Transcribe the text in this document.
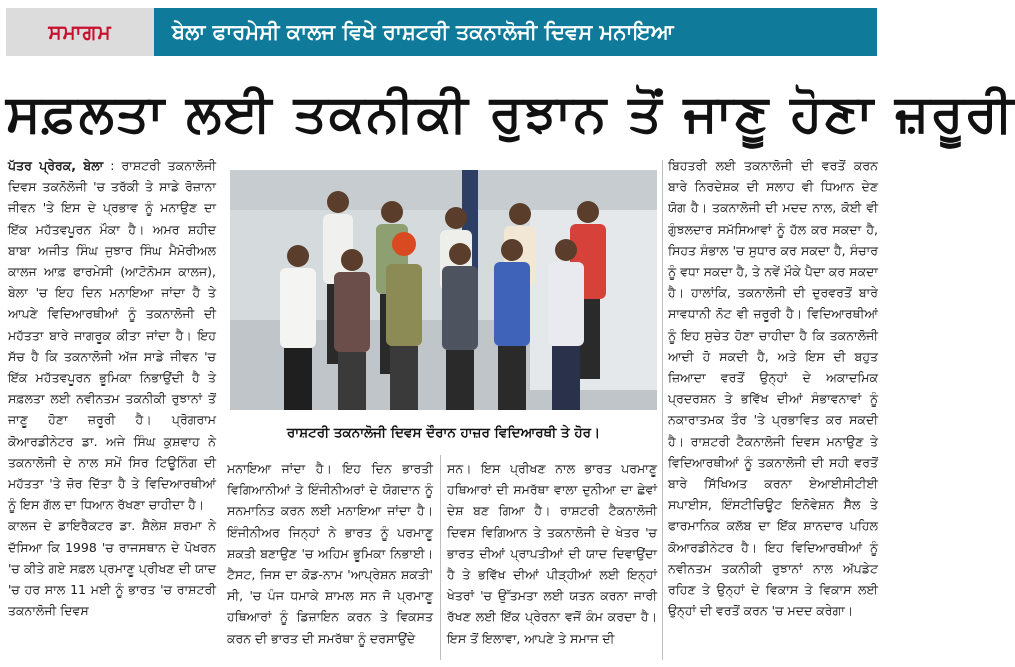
ਸਮਾਗਮ	ਬੇਲਾ ਫਾਰਮੇਸੀ ਕਾਲਜ ਵਿਖੇ ਰਾਸ਼ਟਰੀ ਤਕਨਾਲੋਜੀ ਦਿਵਸ ਮਨਾਇਆ
ਸਫ਼ਲਤਾ ਲਈ ਤਕਨੀਕੀ ਰੁਝਾਨ ਤੋਂ ਜਾਣੂ ਹੋਣਾ ਜ਼ਰੂਰੀ

ਪੱਤਰ ਪ੍ਰੇਰਕ, ਬੇਲਾ : ਰਾਸ਼ਟਰੀ ਤਕਨਾਲੋਜੀ ਦਿਵਸ ਤਕਨੋਲੋਜੀ 'ਚ ਤਰੱਕੀ ਤੇ ਸਾਡੇ ਰੋਜ਼ਾਨਾ ਜੀਵਨ 'ਤੇ ਇਸ ਦੇ ਪ੍ਰਭਾਵ ਨੂੰ ਮਨਾਉਣ ਦਾ ਇੱਕ ਮਹੱਤਵਪੂਰਨ ਮੌਕਾ ਹੈ। ਅਮਰ ਸ਼ਹੀਦ ਬਾਬਾ ਅਜੀਤ ਸਿੰਘ ਜੁਝਾਰ ਸਿੰਘ ਮੈਮੋਰੀਅਲ ਕਾਲਜ ਆਫ਼ ਫਾਰਮੇਸੀ (ਆਟੋਨੋਮਸ ਕਾਲਜ), ਬੇਲਾ 'ਚ ਇਹ ਦਿਨ ਮਨਾਇਆ ਜਾਂਦਾ ਹੈ ਤੇ ਆਪਣੇ ਵਿਦਿਆਰਥੀਆਂ ਨੂੰ ਤਕਨਾਲੋਜੀ ਦੀ ਮਹੱਤਤਾ ਬਾਰੇ ਜਾਗਰੂਕ ਕੀਤਾ ਜਾਂਦਾ ਹੈ। ਇਹ ਸੱਚ ਹੈ ਕਿ ਤਕਨਾਲੋਜੀ ਅੱਜ ਸਾਡੇ ਜੀਵਨ 'ਚ ਇੱਕ ਮਹੱਤਵਪੂਰਨ ਭੂਮਿਕਾ ਨਿਭਾਉਂਦੀ ਹੈ ਤੇ ਸਫ਼ਲਤਾ ਲਈ ਨਵੀਨਤਮ ਤਕਨੀਕੀ ਰੁਝਾਨਾਂ ਤੋਂ ਜਾਣੂ ਹੋਣਾ ਜ਼ਰੂਰੀ ਹੈ। ਪ੍ਰੋਗਰਾਮ ਕੋਆਰਡੀਨੇਟਰ ਡਾ. ਅਜੇ ਸਿੰਘ ਕੁਸ਼ਵਾਹ ਨੇ ਤਕਨਾਲੋਜੀ ਦੇ ਨਾਲ ਸਮੇਂ ਸਿਰ ਟਿਊਨਿੰਗ ਦੀ ਮਹੱਤਤਾ 'ਤੇ ਜ਼ੋਰ ਦਿੱਤਾ ਹੈ ਤੇ ਵਿਦਿਆਰਥੀਆਂ ਨੂੰ ਇਸ ਗੱਲ ਦਾ ਧਿਆਨ ਰੱਖਣਾ ਚਾਹੀਦਾ ਹੈ।

ਕਾਲਜ ਦੇ ਡਾਇਰੈਕਟਰ ਡਾ. ਸ਼ੈਲੇਸ਼ ਸ਼ਰਮਾ ਨੇ ਦੱਸਿਆ ਕਿ 1998 'ਚ ਰਾਜਸਥਾਨ ਦੇ ਪੋਖਰਨ 'ਚ ਕੀਤੇ ਗਏ ਸਫ਼ਲ ਪ੍ਰਮਾਣੂ ਪ੍ਰੀਖਣ ਦੀ ਯਾਦ 'ਚ ਹਰ ਸਾਲ 11 ਮਈ ਨੂੰ ਭਾਰਤ 'ਚ ਰਾਸ਼ਟਰੀ ਤਕਨਾਲੋਜੀ ਦਿਵਸ

ਰਾਸ਼ਟਰੀ ਤਕਨਾਲੋਜੀ ਦਿਵਸ ਦੌਰਾਨ ਹਾਜ਼ਰ ਵਿਦਿਆਰਥੀ ਤੇ ਹੋਰ।

ਮਨਾਇਆ ਜਾਂਦਾ ਹੈ। ਇਹ ਦਿਨ ਭਾਰਤੀ ਵਿਗਿਆਨੀਆਂ ਤੇ ਇੰਜੀਨੀਅਰਾਂ ਦੇ ਯੋਗਦਾਨ ਨੂੰ ਸਨਮਾਨਿਤ ਕਰਨ ਲਈ ਮਨਾਇਆ ਜਾਂਦਾ ਹੈ। ਇੰਜੀਨੀਅਰ ਜਿਨ੍ਹਾਂ ਨੇ ਭਾਰਤ ਨੂੰ ਪਰਮਾਣੂ ਸ਼ਕਤੀ ਬਣਾਉਣ 'ਚ ਅਹਿਮ ਭੂਮਿਕਾ ਨਿਭਾਈ। ਟੈਸਟ, ਜਿਸ ਦਾ ਕੋਡ-ਨਾਮ 'ਆਪ੍ਰੇਸ਼ਨ ਸ਼ਕਤੀ' ਸੀ, 'ਚ ਪੰਜ ਧਮਾਕੇ ਸ਼ਾਮਲ ਸਨ ਜੋ ਪ੍ਰਮਾਣੂ ਹਥਿਆਰਾਂ ਨੂੰ ਡਿਜ਼ਾਇਨ ਕਰਨ ਤੇ ਵਿਕਸਤ ਕਰਨ ਦੀ ਭਾਰਤ ਦੀ ਸਮਰੱਥਾ ਨੂੰ ਦਰਸਾਉਂਦੇ

ਸਨ। ਇਸ ਪ੍ਰੀਖਣ ਨਾਲ ਭਾਰਤ ਪਰਮਾਣੂ ਹਥਿਆਰਾਂ ਦੀ ਸਮਰੱਥਾ ਵਾਲਾ ਦੁਨੀਆ ਦਾ ਛੇਵਾਂ ਦੇਸ਼ ਬਣ ਗਿਆ ਹੈ। ਰਾਸ਼ਟਰੀ ਟੈਕਨਾਲੋਜੀ ਦਿਵਸ ਵਿਗਿਆਨ ਤੇ ਤਕਨਾਲੋਜੀ ਦੇ ਖੇਤਰ 'ਚ ਭਾਰਤ ਦੀਆਂ ਪ੍ਰਾਪਤੀਆਂ ਦੀ ਯਾਦ ਦਿਵਾਉਂਦਾ ਹੈ ਤੇ ਭਵਿੱਖ ਦੀਆਂ ਪੀੜ੍ਹੀਆਂ ਲਈ ਇਨ੍ਹਾਂ ਖੇਤਰਾਂ 'ਚ ਉੱਤਮਤਾ ਲਈ ਯਤਨ ਕਰਨਾ ਜਾਰੀ ਰੱਖਣ ਲਈ ਇੱਕ ਪ੍ਰੇਰਨਾ ਵਜੋਂ ਕੰਮ ਕਰਦਾ ਹੈ। ਇਸ ਤੋਂ ਇਲਾਵਾ, ਆਪਣੇ ਤੇ ਸਮਾਜ ਦੀ

ਬਿਹਤਰੀ ਲਈ ਤਕਨਾਲੋਜੀ ਦੀ ਵਰਤੋਂ ਕਰਨ ਬਾਰੇ ਨਿਰਦੇਸ਼ਕ ਦੀ ਸਲਾਹ ਵੀ ਧਿਆਨ ਦੇਣ ਯੋਗ ਹੈ। ਤਕਨਾਲੋਜੀ ਦੀ ਮਦਦ ਨਾਲ, ਕੋਈ ਵੀ ਗੁੰਝਲਦਾਰ ਸਮੱਸਿਆਵਾਂ ਨੂੰ ਹੱਲ ਕਰ ਸਕਦਾ ਹੈ, ਸਿਹਤ ਸੰਭਾਲ 'ਚ ਸੁਧਾਰ ਕਰ ਸਕਦਾ ਹੈ, ਸੰਚਾਰ ਨੂੰ ਵਧਾ ਸਕਦਾ ਹੈ, ਤੇ ਨਵੇਂ ਮੌਕੇ ਪੈਦਾ ਕਰ ਸਕਦਾ ਹੈ। ਹਾਲਾਂਕਿ, ਤਕਨਾਲੋਜੀ ਦੀ ਦੁਰਵਰਤੋਂ ਬਾਰੇ ਸਾਵਧਾਨੀ ਨੋਟ ਵੀ ਜ਼ਰੂਰੀ ਹੈ। ਵਿਦਿਆਰਥੀਆਂ ਨੂੰ ਇਹ ਸੁਚੇਤ ਹੋਣਾ ਚਾਹੀਦਾ ਹੈ ਕਿ ਤਕਨਾਲੋਜੀ ਆਦੀ ਹੋ ਸਕਦੀ ਹੈ, ਅਤੇ ਇਸ ਦੀ ਬਹੁਤ ਜ਼ਿਆਦਾ ਵਰਤੋਂ ਉਨ੍ਹਾਂ ਦੇ ਅਕਾਦਮਿਕ ਪ੍ਰਦਰਸ਼ਨ ਤੇ ਭਵਿੱਖ ਦੀਆਂ ਸੰਭਾਵਨਾਵਾਂ ਨੂੰ ਨਕਾਰਾਤਮਕ ਤੌਰ 'ਤੇ ਪ੍ਰਭਾਵਿਤ ਕਰ ਸਕਦੀ ਹੈ। ਰਾਸ਼ਟਰੀ ਟੈਕਨਾਲੋਜੀ ਦਿਵਸ ਮਨਾਉਣ ਤੇ ਵਿਦਿਆਰਥੀਆਂ ਨੂੰ ਤਕਨਾਲੋਜੀ ਦੀ ਸਹੀ ਵਰਤੋਂ ਬਾਰੇ ਸਿੱਖਿਅਤ ਕਰਨਾ ਏਆਈਸੀਟੀਈ ਸਪਾਈਸ, ਇੰਸਟੀਚਿਊਟ ਇਨੋਵੇਸ਼ਨ ਸੈੱਲ ਤੇ ਫਾਰਮਾਨਿਕ ਕਲੱਬ ਦਾ ਇੱਕ ਸ਼ਾਨਦਾਰ ਪਹਿਲ ਕੋਆਰਡੀਨੇਟਰ ਹੈ। ਇਹ ਵਿਦਿਆਰਥੀਆਂ ਨੂੰ ਨਵੀਨਤਮ ਤਕਨੀਕੀ ਰੁਝਾਨਾਂ ਨਾਲ ਅੱਪਡੇਟ ਰਹਿਣ ਤੇ ਉਨ੍ਹਾਂ ਦੇ ਵਿਕਾਸ ਤੇ ਵਿਕਾਸ ਲਈ ਉਨ੍ਹਾਂ ਦੀ ਵਰਤੋਂ ਕਰਨ 'ਚ ਮਦਦ ਕਰੇਗਾ।
